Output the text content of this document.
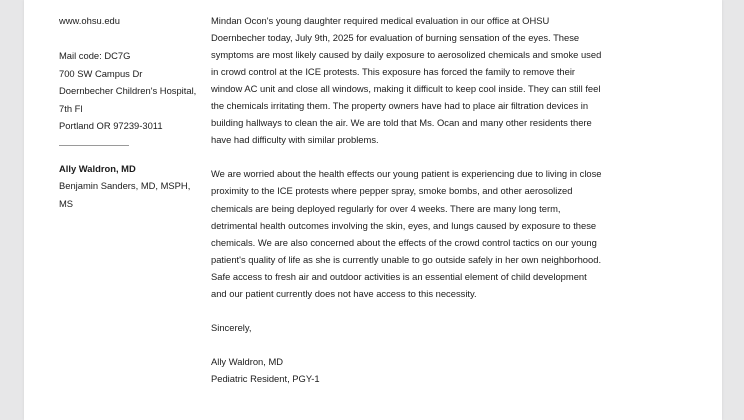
www.ohsu.edu
Mail code: DC7G
700 SW Campus Dr
Doernbecher Children's Hospital,
7th Fl
Portland OR 97239-3011
Ally Waldron, MD
Benjamin Sanders, MD, MSPH,
MS

Mindan Ocon's young daughter required medical evaluation in our office at OHSU Doernbecher today, July 9th, 2025 for evaluation of burning sensation of the eyes. These symptoms are most likely caused by daily exposure to aerosolized chemicals and smoke used in crowd control at the ICE protests. This exposure has forced the family to remove their window AC unit and close all windows, making it difficult to keep cool inside. They can still feel the chemicals irritating them. The property owners have had to place air filtration devices in building hallways to clean the air. We are told that Ms. Ocan and many other residents there have had difficulty with similar problems.

We are worried about the health effects our young patient is experiencing due to living in close proximity to the ICE protests where pepper spray, smoke bombs, and other aerosolized chemicals are being deployed regularly for over 4 weeks. There are many long term, detrimental health outcomes involving the skin, eyes, and lungs caused by exposure to these chemicals. We are also concerned about the effects of the crowd control tactics on our young patient's quality of life as she is currently unable to go outside safely in her own neighborhood. Safe access to fresh air and outdoor activities is an essential element of child development and our patient currently does not have access to this necessity.

Sincerely,

Ally Waldron, MD
Pediatric Resident, PGY-1
